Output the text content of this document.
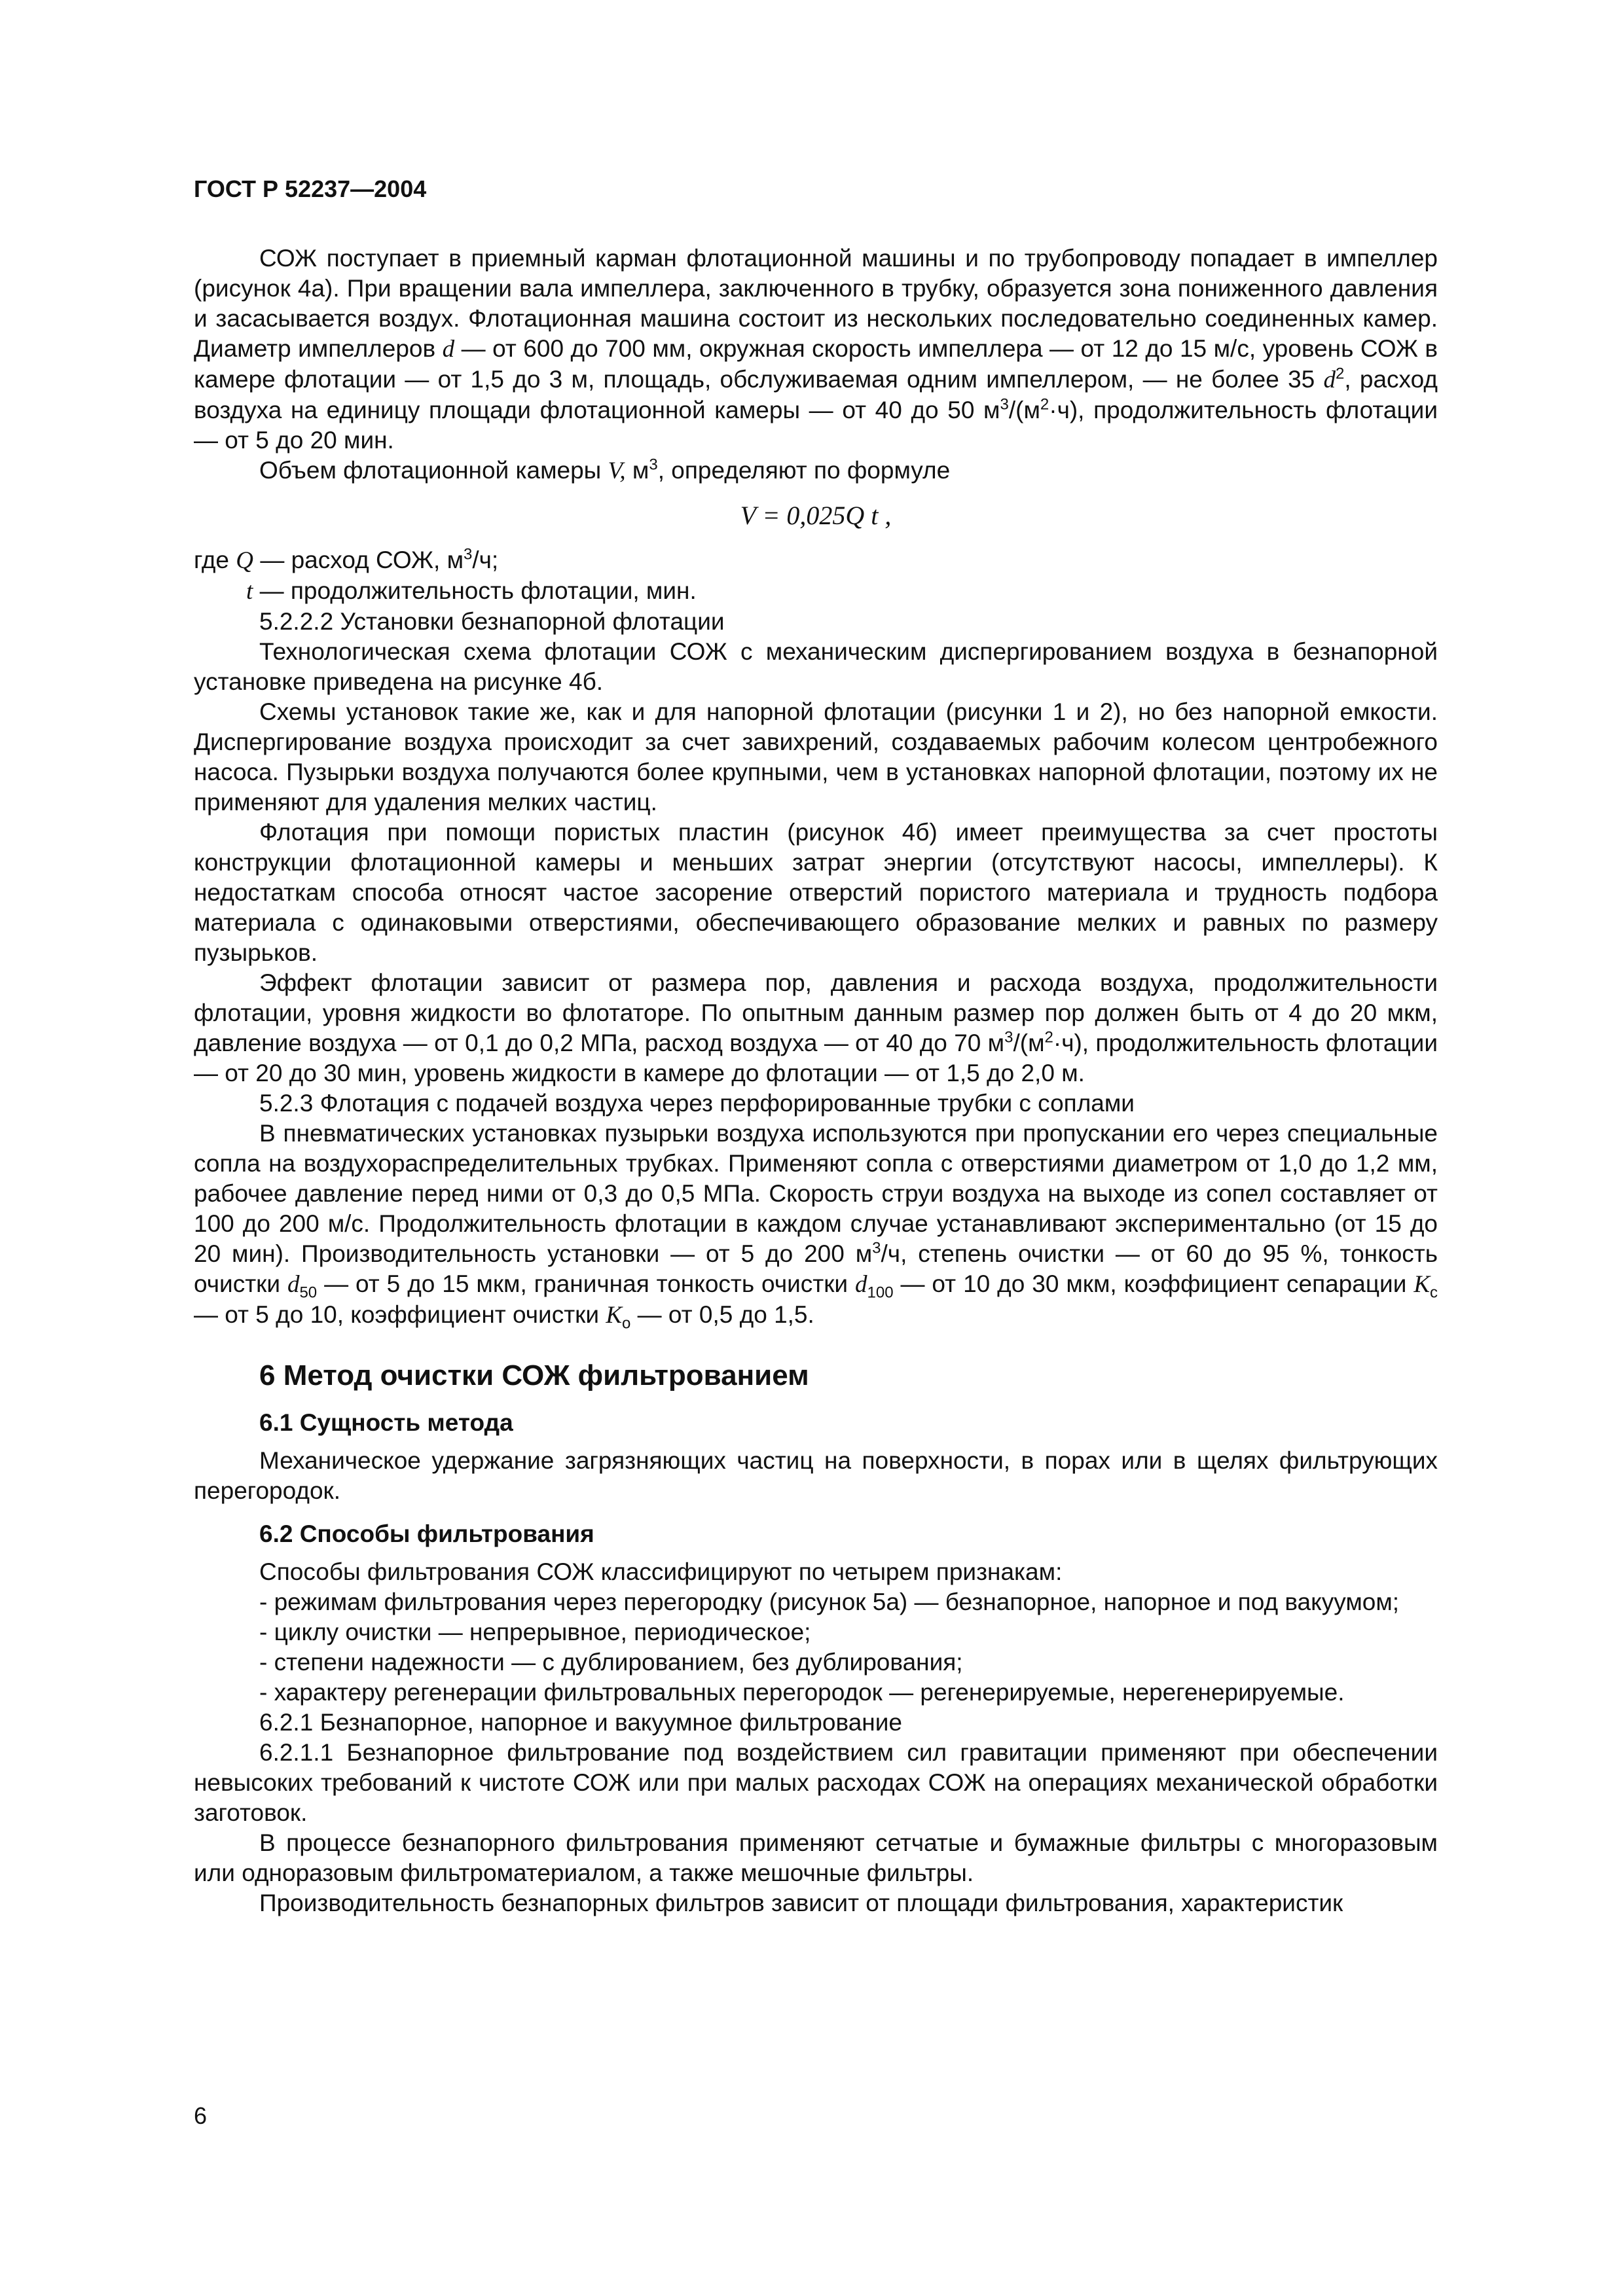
ГОСТ Р 52237—2004

СОЖ поступает в приемный карман флотационной машины и по трубопроводу попадает в импеллер (рисунок 4а). При вращении вала импеллера, заключенного в трубку, образуется зона пониженного давления и засасывается воздух. Флотационная машина состоит из нескольких последовательно соединенных камер. Диаметр импеллеров d — от 600 до 700 мм, окружная скорость импеллера — от 12 до 15 м/с, уровень СОЖ в камере флотации — от 1,5 до 3 м, площадь, обслуживаемая одним импеллером, — не более 35 $d^2$, расход воздуха на единицу площади флотационной камеры — от 40 до 50 $м^3/(м^2\cdot ч)$, продолжительность флотации — от 5 до 20 мин.

Объем флотационной камеры V, $м^3$, определяют по формуле

V = 0,025Q t ,

где Q — расход СОЖ, $м^3/ч$;

t — продолжительность флотации, мин.

5.2.2.2 Установки безнапорной флотации

Технологическая схема флотации СОЖ с механическим диспергированием воздуха в безнапорной установке приведена на рисунке 4б.

Схемы установок такие же, как и для напорной флотации (рисунки 1 и 2), но без напорной емкости. Диспергирование воздуха происходит за счет завихрений, создаваемых рабочим колесом центробежного насоса. Пузырьки воздуха получаются более крупными, чем в установках напорной флотации, поэтому их не применяют для удаления мелких частиц.

Флотация при помощи пористых пластин (рисунок 4б) имеет преимущества за счет простоты конструкции флотационной камеры и меньших затрат энергии (отсутствуют насосы, импеллеры). К недостаткам способа относят частое засорение отверстий пористого материала и трудность подбора материала с одинаковыми отверстиями, обеспечивающего образование мелких и равных по размеру пузырьков.

Эффект флотации зависит от размера пор, давления и расхода воздуха, продолжительности флотации, уровня жидкости во флотаторе. По опытным данным размер пор должен быть от 4 до 20 мкм, давление воздуха — от 0,1 до 0,2 МПа, расход воздуха — от 40 до 70 $м^3/(м^2\cdot ч)$, продолжительность флотации — от 20 до 30 мин, уровень жидкости в камере до флотации — от 1,5 до 2,0 м.

5.2.3 Флотация с подачей воздуха через перфорированные трубки с соплами

В пневматических установках пузырьки воздуха используются при пропускании его через специальные сопла на воздухораспределительных трубках. Применяют сопла с отверстиями диаметром от 1,0 до 1,2 мм, рабочее давление перед ними от 0,3 до 0,5 МПа. Скорость струи воздуха на выходе из сопел составляет от 100 до 200 м/с. Продолжительность флотации в каждом случае устанавливают экспериментально (от 15 до 20 мин). Производительность установки — от 5 до 200 $м^3/ч$, степень очистки — от 60 до 95 %, тонкость очистки $d_{50}$ — от 5 до 15 мкм, граничная тонкость очистки $d_{100}$ — от 10 до 30 мкм, коэффициент сепарации $K_с$ — от 5 до 10, коэффициент очистки $K_о$ — от 0,5 до 1,5.

6 Метод очистки СОЖ фильтрованием
6.1 Сущность метода

Механическое удержание загрязняющих частиц на поверхности, в порах или в щелях фильтрующих перегородок.

6.2 Способы фильтрования

Способы фильтрования СОЖ классифицируют по четырем признакам:

- режимам фильтрования через перегородку (рисунок 5а) — безнапорное, напорное и под вакуумом;

- циклу очистки — непрерывное, периодическое;

- степени надежности — с дублированием, без дублирования;

- характеру регенерации фильтровальных перегородок — регенерируемые, нерегенерируемые.

6.2.1 Безнапорное, напорное и вакуумное фильтрование

6.2.1.1 Безнапорное фильтрование под воздействием сил гравитации применяют при обеспечении невысоких требований к чистоте СОЖ или при малых расходах СОЖ на операциях механической обработки заготовок.

В процессе безнапорного фильтрования применяют сетчатые и бумажные фильтры с многоразовым или одноразовым фильтроматериалом, а также мешочные фильтры.

Производительность безнапорных фильтров зависит от площади фильтрования, характеристик

6
